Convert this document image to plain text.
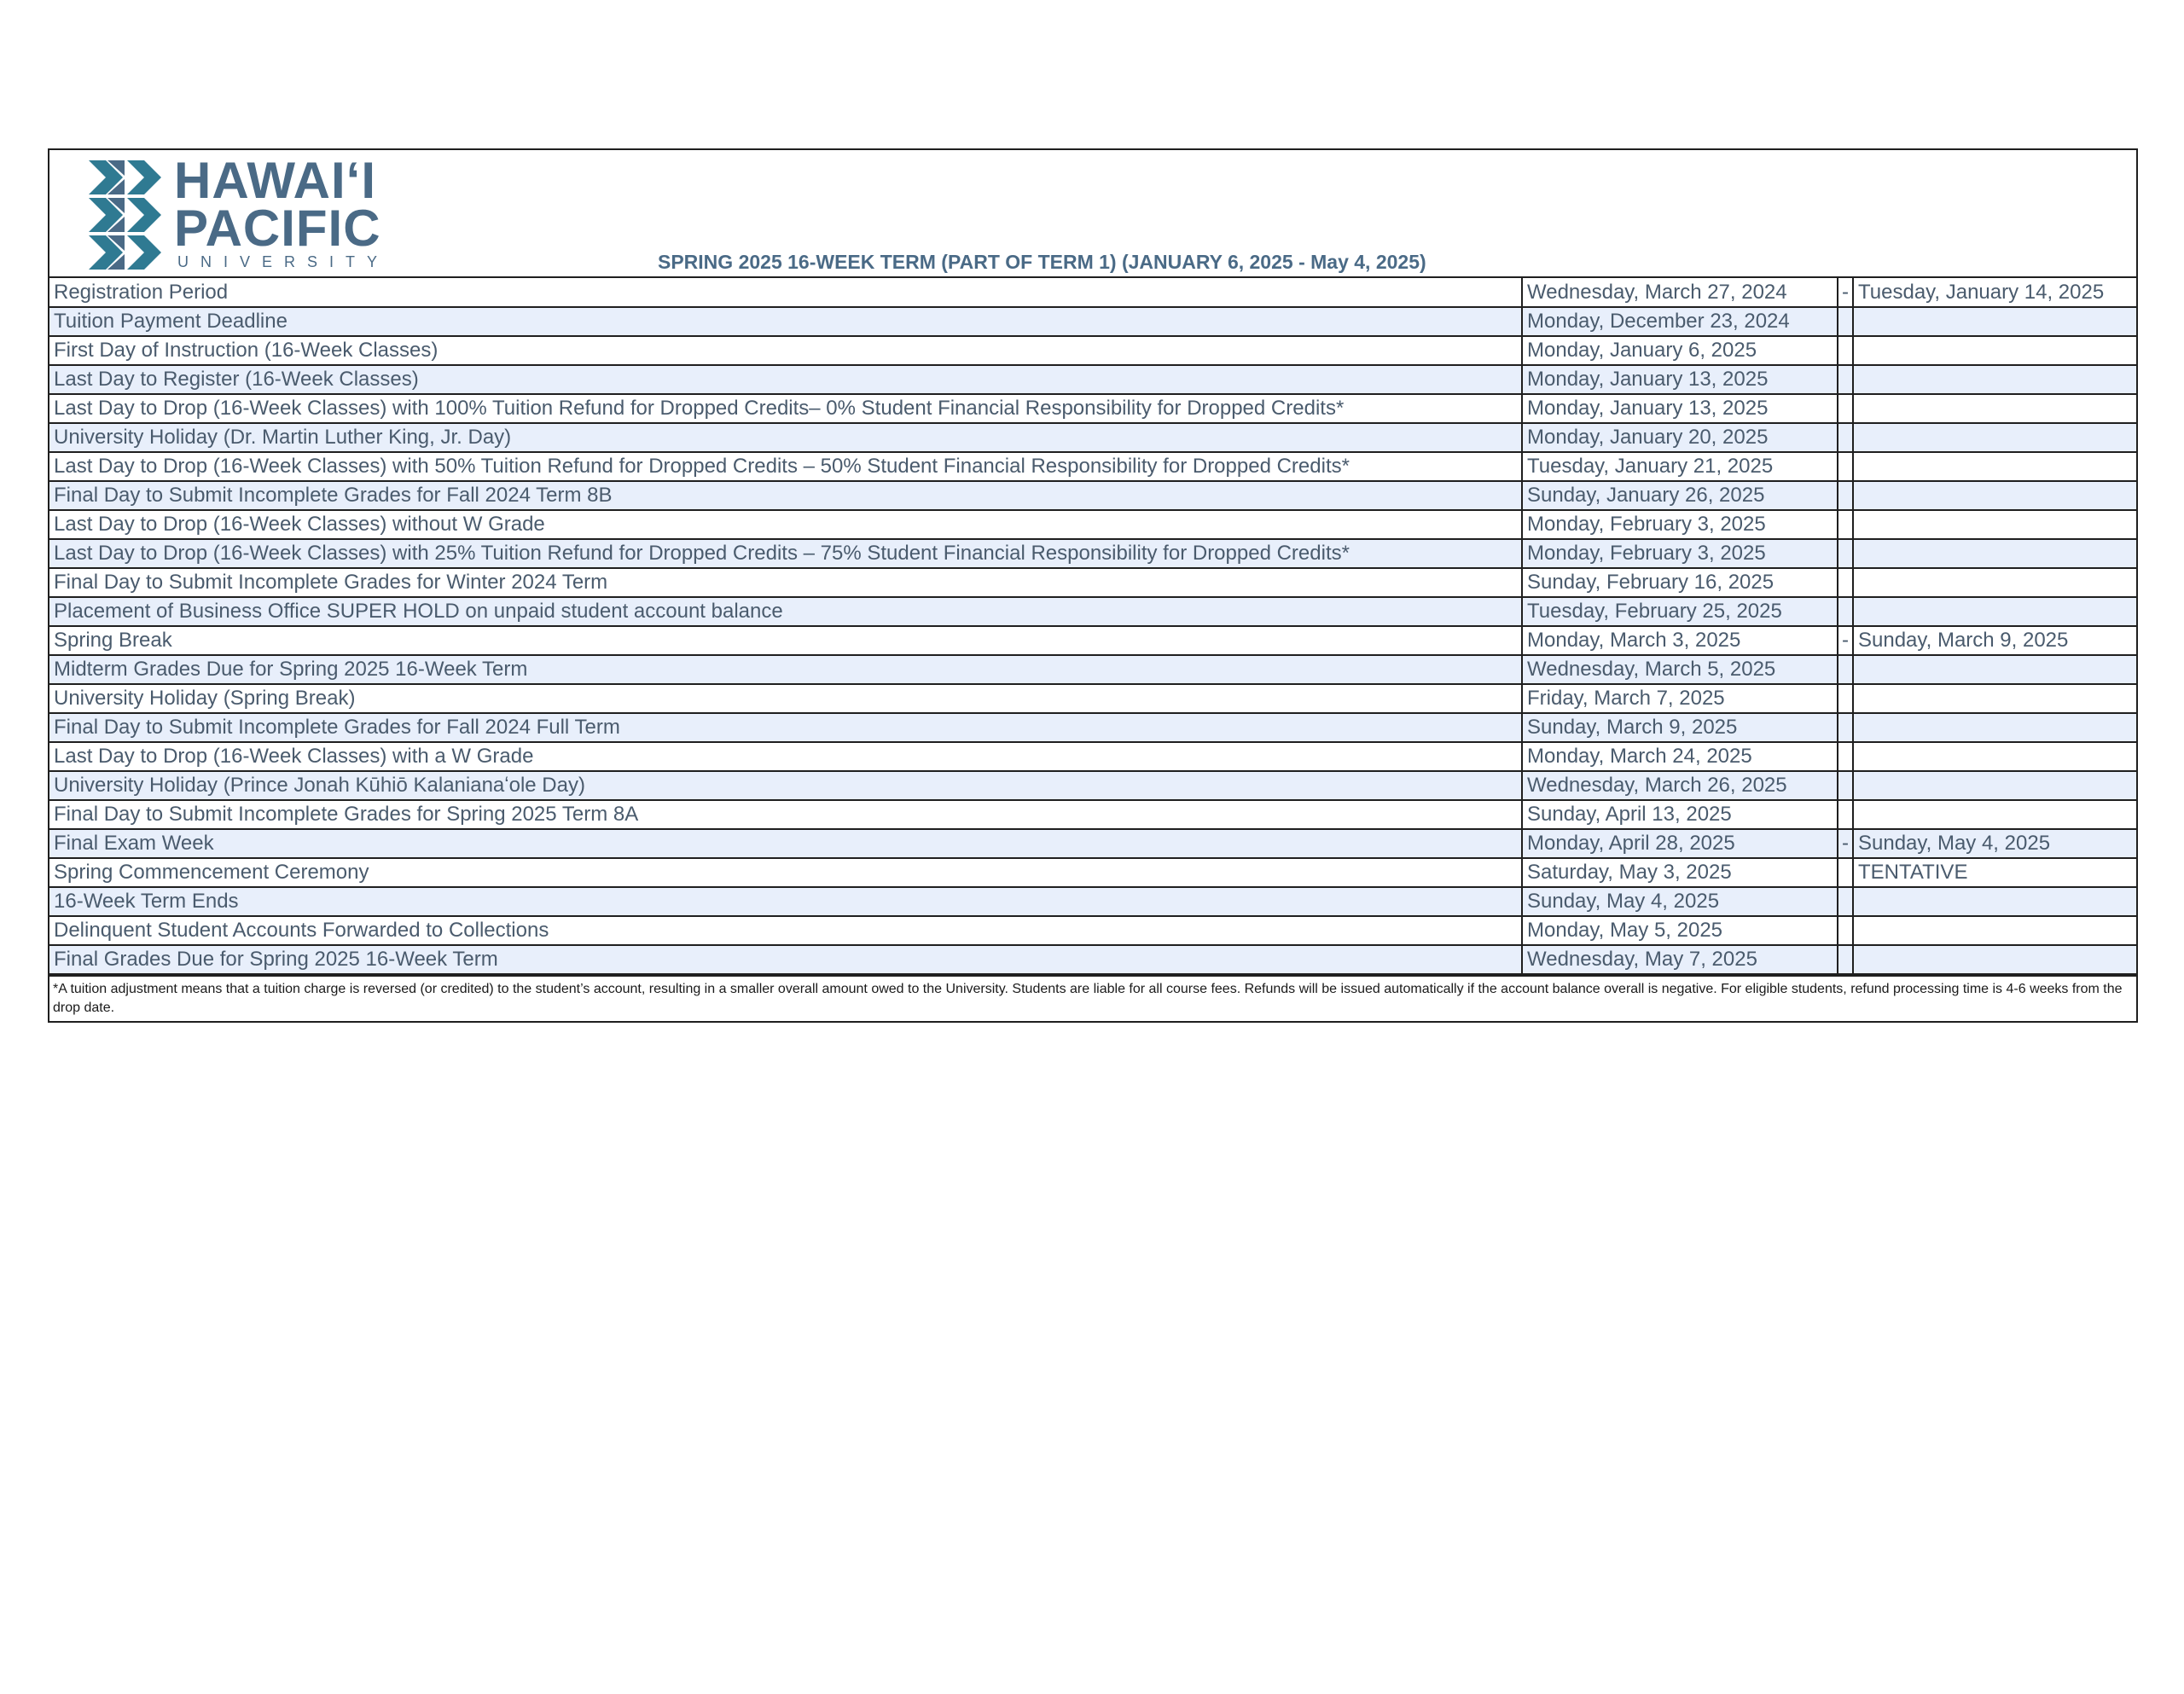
HAWAIʻI
PACIFIC
UNIVERSITY	SPRING 2025 16-WEEK TERM (PART OF TERM 1) (JANUARY 6, 2025 - May 4, 2025)
Registration Period	Wednesday, March 27, 2024	-	Tuesday, January 14, 2025
Tuition Payment Deadline	Monday, December 23, 2024		
First Day of Instruction (16-Week Classes)	Monday, January 6, 2025		
Last Day to Register (16-Week Classes)	Monday, January 13, 2025		
Last Day to Drop (16-Week Classes) with 100% Tuition Refund for Dropped Credits– 0% Student Financial Responsibility for Dropped Credits*	Monday, January 13, 2025		
University Holiday (Dr. Martin Luther King, Jr. Day)	Monday, January 20, 2025		
Last Day to Drop (16-Week Classes) with 50% Tuition Refund for Dropped Credits – 50% Student Financial Responsibility for Dropped Credits*	Tuesday, January 21, 2025		
Final Day to Submit Incomplete Grades for Fall 2024 Term 8B	Sunday, January 26, 2025		
Last Day to Drop (16-Week Classes) without W Grade	Monday, February 3, 2025		
Last Day to Drop (16-Week Classes) with 25% Tuition Refund for Dropped Credits – 75% Student Financial Responsibility for Dropped Credits*	Monday, February 3, 2025		
Final Day to Submit Incomplete Grades for Winter 2024 Term	Sunday, February 16, 2025		
Placement of Business Office SUPER HOLD on unpaid student account balance	Tuesday, February 25, 2025		
Spring Break	Monday, March 3, 2025	-	Sunday, March 9, 2025
Midterm Grades Due for Spring 2025 16-Week Term	Wednesday, March 5, 2025		
University Holiday (Spring Break)	Friday, March 7, 2025		
Final Day to Submit Incomplete Grades for Fall 2024 Full Term	Sunday, March 9, 2025		
Last Day to Drop (16-Week Classes) with a W Grade	Monday, March 24, 2025		
University Holiday (Prince Jonah Kūhiō Kalanianaʻole Day)	Wednesday, March 26, 2025		
Final Day to Submit Incomplete Grades for Spring 2025 Term 8A	Sunday, April 13, 2025		
Final Exam Week	Monday, April 28, 2025	-	Sunday, May 4, 2025
Spring Commencement Ceremony	Saturday, May 3, 2025		TENTATIVE
16-Week Term Ends	Sunday, May 4, 2025		
Delinquent Student Accounts Forwarded to Collections	Monday, May 5, 2025		
Final Grades Due for Spring 2025 16-Week Term	Wednesday, May 7, 2025		
*A tuition adjustment means that a tuition charge is reversed (or credited) to the student’s account, resulting in a smaller overall amount owed to the University. Students are liable for all course fees. Refunds will be issued automatically if the account balance overall is negative. For eligible students, refund processing time is 4-6 weeks from the drop date.
